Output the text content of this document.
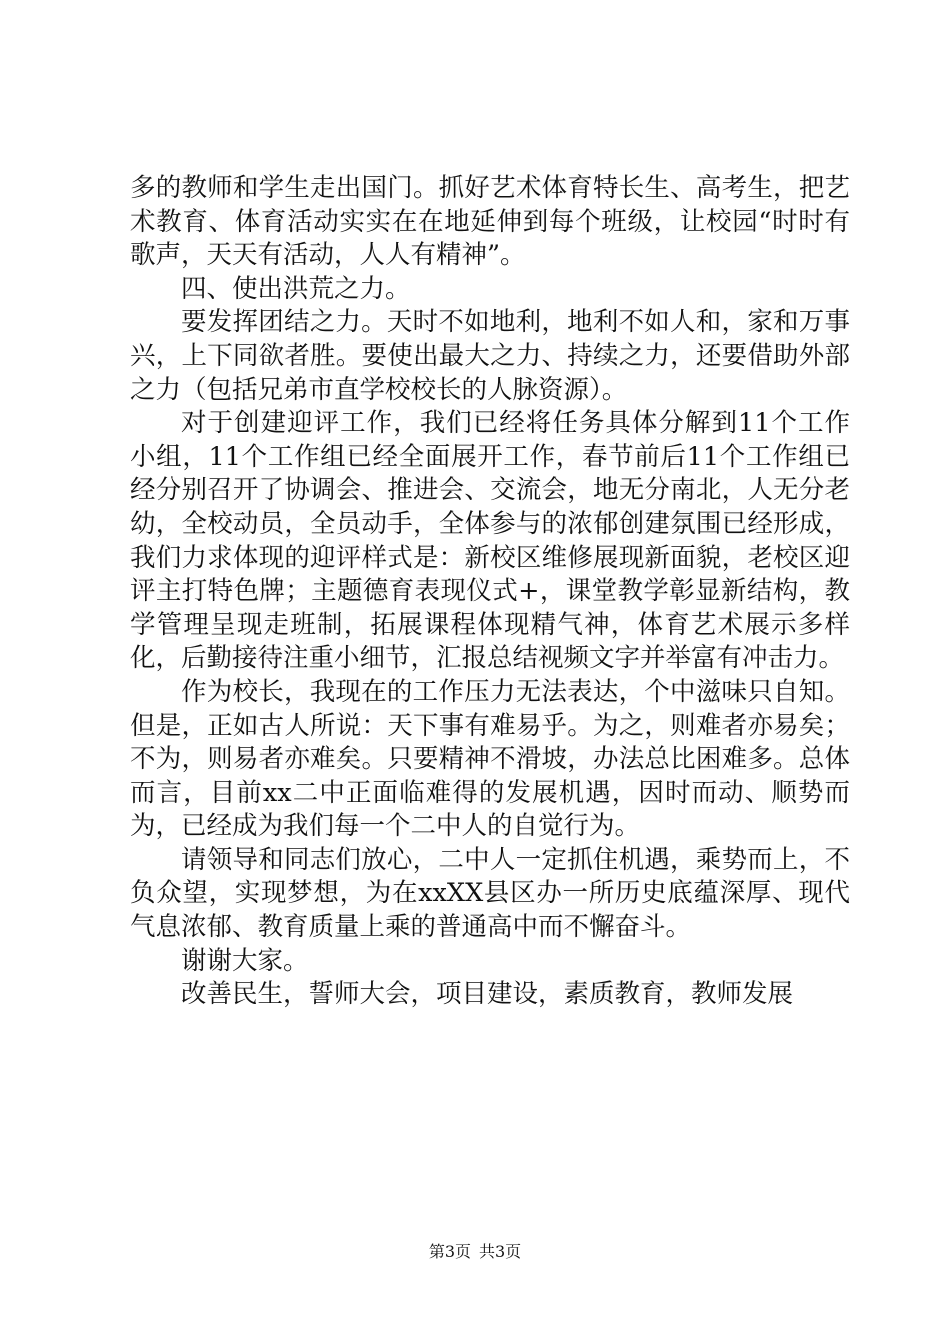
多的教师和学生走出国门。抓好艺术体育特长生、高考生，把艺术教育、体育活动实实在在地延伸到每个班级，让校园“时时有歌声，天天有活动，人人有精神”。

四、使出洪荒之力。

要发挥团结之力。天时不如地利，地利不如人和，家和万事兴，上下同欲者胜。要使出最大之力、持续之力，还要借助外部之力（包括兄弟市直学校校长的人脉资源）。

对于创建迎评工作，我们已经将任务具体分解到11个工作小组，11个工作组已经全面展开工作，春节前后11个工作组已经分别召开了协调会、推进会、交流会，地无分南北，人无分老幼，全校动员，全员动手，全体参与的浓郁创建氛围已经形成，我们力求体现的迎评样式是：新校区维修展现新面貌，老校区迎评主打特色牌；主题德育表现仪式+，课堂教学彰显新结构，教学管理呈现走班制，拓展课程体现精气神，体育艺术展示多样化，后勤接待注重小细节，汇报总结视频文字并举富有冲击力。

作为校长，我现在的工作压力无法表达，个中滋味只自知。但是，正如古人所说：天下事有难易乎。为之，则难者亦易矣；不为，则易者亦难矣。只要精神不滑坡，办法总比困难多。总体而言，目前xx二中正面临难得的发展机遇，因时而动、顺势而为，已经成为我们每一个二中人的自觉行为。

请领导和同志们放心，二中人一定抓住机遇，乘势而上，不负众望，实现梦想，为在xxXX县区办一所历史底蕴深厚、现代气息浓郁、教育质量上乘的普通高中而不懈奋斗。

谢谢大家。

改善民生，誓师大会，项目建设，素质教育，教师发展

第3页 共3页
